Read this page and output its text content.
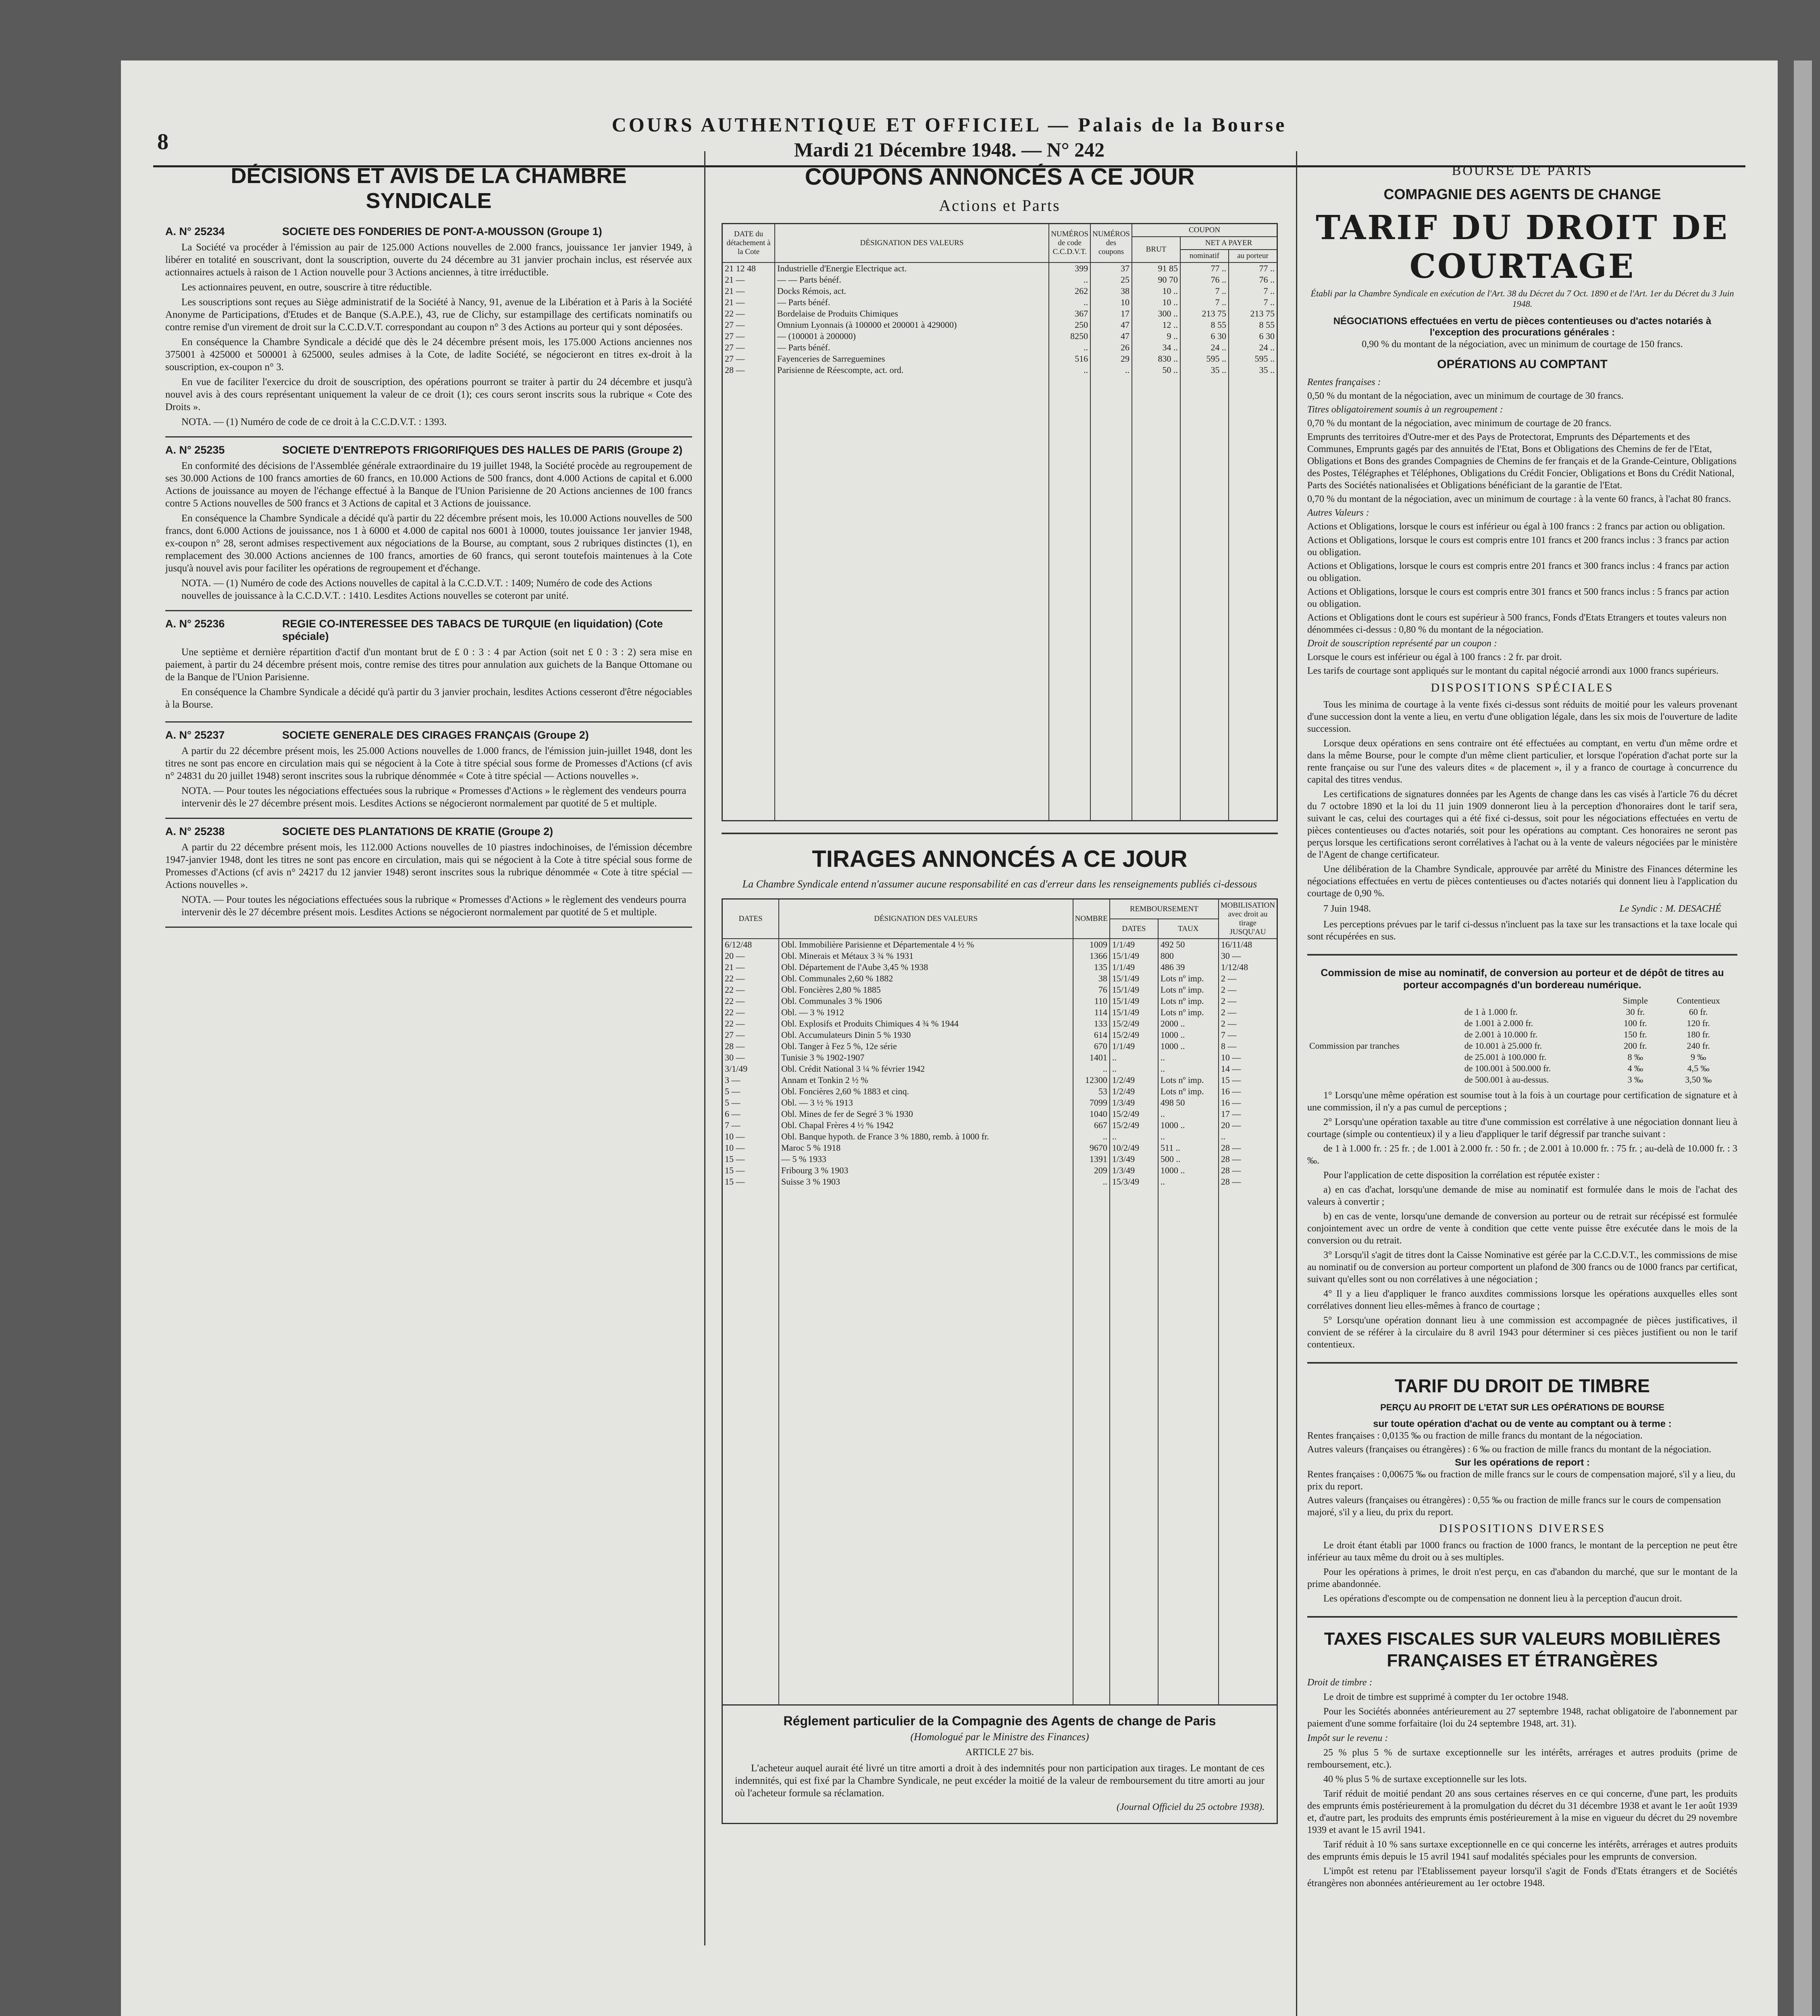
8
COURS AUTHENTIQUE ET OFFICIEL — Palais de la Bourse
Mardi 21 Décembre 1948. — N° 242
DÉCISIONS ET AVIS DE LA CHAMBRE SYNDICALE
A. N° 25234	SOCIETE DES FONDERIES DE PONT-A-MOUSSON (Groupe 1)

La Société va procéder à l'émission au pair de 125.000 Actions nouvelles de 2.000 francs, jouissance 1er janvier 1949, à libérer en totalité en souscrivant, dont la souscription, ouverte du 24 décembre au 31 janvier prochain inclus, est réservée aux actionnaires actuels à raison de 1 Action nouvelle pour 3 Actions anciennes, à titre irréductible.

Les actionnaires peuvent, en outre, souscrire à titre réductible.

Les souscriptions sont reçues au Siège administratif de la Société à Nancy, 91, avenue de la Libération et à Paris à la Société Anonyme de Participations, d'Etudes et de Banque (S.A.P.E.), 43, rue de Clichy, sur estampillage des certificats nominatifs ou contre remise d'un virement de droit sur la C.C.D.V.T. correspondant au coupon n° 3 des Actions au porteur qui y sont déposées.

En conséquence la Chambre Syndicale a décidé que dès le 24 décembre présent mois, les 175.000 Actions anciennes nos 375001 à 425000 et 500001 à 625000, seules admises à la Cote, de ladite Société, se négocieront en titres ex-droit à la souscription, ex-coupon n° 3.

En vue de faciliter l'exercice du droit de souscription, des opérations pourront se traiter à partir du 24 décembre et jusqu'à nouvel avis à des cours représentant uniquement la valeur de ce droit (1); ces cours seront inscrits sous la rubrique « Cote des Droits ».

NOTA. — (1) Numéro de code de ce droit à la C.C.D.V.T. : 1393.
A. N° 25235	SOCIETE D'ENTREPOTS FRIGORIFIQUES DES HALLES DE PARIS (Groupe 2)

En conformité des décisions de l'Assemblée générale extraordinaire du 19 juillet 1948, la Société procède au regroupement de ses 30.000 Actions de 100 francs amorties de 60 francs, en 10.000 Actions de 500 francs, dont 4.000 Actions de capital et 6.000 Actions de jouissance au moyen de l'échange effectué à la Banque de l'Union Parisienne de 20 Actions anciennes de 100 francs contre 5 Actions nouvelles de 500 francs et 3 Actions de capital et 3 Actions de jouissance.

En conséquence la Chambre Syndicale a décidé qu'à partir du 22 décembre présent mois, les 10.000 Actions nouvelles de 500 francs, dont 6.000 Actions de jouissance, nos 1 à 6000 et 4.000 de capital nos 6001 à 10000, toutes jouissance 1er janvier 1948, ex-coupon n° 28, seront admises respectivement aux négociations de la Bourse, au comptant, sous 2 rubriques distinctes (1), en remplacement des 30.000 Actions anciennes de 100 francs, amorties de 60 francs, qui seront toutefois maintenues à la Cote jusqu'à nouvel avis pour faciliter les opérations de regroupement et d'échange.

NOTA. — (1) Numéro de code des Actions nouvelles de capital à la C.C.D.V.T. : 1409; Numéro de code des Actions nouvelles de jouissance à la C.C.D.V.T. : 1410. Lesdites Actions nouvelles se coteront par unité.
A. N° 25236	REGIE CO-INTERESSEE DES TABACS DE TURQUIE (en liquidation) (Cote spéciale)

Une septième et dernière répartition d'actif d'un montant brut de £ 0 : 3 : 4 par Action (soit net £ 0 : 3 : 2) sera mise en paiement, à partir du 24 décembre présent mois, contre remise des titres pour annulation aux guichets de la Banque Ottomane ou de la Banque de l'Union Parisienne.

En conséquence la Chambre Syndicale a décidé qu'à partir du 3 janvier prochain, lesdites Actions cesseront d'être négociables à la Bourse.

A. N° 25237	SOCIETE GENERALE DES CIRAGES FRANÇAIS (Groupe 2)

A partir du 22 décembre présent mois, les 25.000 Actions nouvelles de 1.000 francs, de l'émission juin-juillet 1948, dont les titres ne sont pas encore en circulation mais qui se négocient à la Cote à titre spécial sous forme de Promesses d'Actions (cf avis n° 24831 du 20 juillet 1948) seront inscrites sous la rubrique dénommée « Cote à titre spécial — Actions nouvelles ».

NOTA. — Pour toutes les négociations effectuées sous la rubrique « Promesses d'Actions » le règlement des vendeurs pourra intervenir dès le 27 décembre présent mois. Lesdites Actions se négocieront normalement par quotité de 5 et multiple.
A. N° 25238	SOCIETE DES PLANTATIONS DE KRATIE (Groupe 2)

A partir du 22 décembre présent mois, les 112.000 Actions nouvelles de 10 piastres indochinoises, de l'émission décembre 1947-janvier 1948, dont les titres ne sont pas encore en circulation, mais qui se négocient à la Cote à titre spécial sous forme de Promesses d'Actions (cf avis n° 24217 du 12 janvier 1948) seront inscrites sous la rubrique dénommée « Cote à titre spécial — Actions nouvelles ».

NOTA. — Pour toutes les négociations effectuées sous la rubrique « Promesses d'Actions » le règlement des vendeurs pourra intervenir dès le 27 décembre présent mois. Lesdites Actions se négocieront normalement par quotité de 5 et multiple.
COUPONS ANNONCÉS A CE JOUR
Actions et Parts
DATE du détachement à la Cote	DÉSIGNATION DES VALEURS	NUMÉROS de code C.C.D.V.T.	NUMÉROS des coupons	COUPON		
				BRUT	NET A PAYER	
					nominatif	au porteur
21 12 48	Industrielle d'Energie Electrique act.	399	37	91 85	77 ..	77 ..
21 —	— — Parts bénéf.	..	25	90 70	76 ..	76 ..
21 —	Docks Rémois, act.	262	38	10 ..	7 ..	7 ..
21 —	— Parts bénéf.	..	10	10 ..	7 ..	7 ..
22 —	Bordelaise de Produits Chimiques	367	17	300 ..	213 75	213 75
27 —	Omnium Lyonnais (à 100000 et 200001 à 429000)	250	47	12 ..	8 55	8 55
27 —	— (100001 à 200000)	8250	47	9 ..	6 30	6 30
27 —	— Parts bénéf.	..	26	34 ..	24 ..	24 ..
27 —	Fayenceries de Sarreguemines	516	29	830 ..	595 ..	595 ..
28 —	Parisienne de Réescompte, act. ord.	..	..	50 ..	35 ..	35 ..

TIRAGES ANNONCÉS A CE JOUR
La Chambre Syndicale entend n'assumer aucune responsabilité en cas d'erreur dans les renseignements publiés ci-dessous
DATES	DÉSIGNATION DES VALEURS	NOMBRE	REMBOURSEMENT		MOBILISATION avec droit au tirage JUSQU'AU
			DATES	TAUX	
6/12/48	Obl. Immobilière Parisienne et Départementale 4 ½ %	1009	1/1/49	492 50	16/11/48
20 —	Obl. Minerais et Métaux 3 ¾ % 1931	1366	15/1/49	800	30 —
21 —	Obl. Département de l'Aube 3,45 % 1938	135	1/1/49	486 39	1/12/48
22 —	Obl. Communales 2,60 % 1882	38	15/1/49	Lots nº imp.	2 —
22 —	Obl. Foncières 2,80 % 1885	76	15/1/49	Lots nº imp.	2 —
22 —	Obl. Communales 3 % 1906	110	15/1/49	Lots nº imp.	2 —
22 —	Obl. — 3 % 1912	114	15/1/49	Lots nº imp.	2 —
22 —	Obl. Explosifs et Produits Chimiques 4 ¾ % 1944	133	15/2/49	2000 ..	2 —
27 —	Obl. Accumulateurs Dinin 5 % 1930	614	15/2/49	1000 ..	7 —
28 —	Obl. Tanger à Fez 5 %, 12e série	670	1/1/49	1000 ..	8 —
30 —	Tunisie 3 % 1902-1907	1401	..	..	10 —
3/1/49	Obl. Crédit National 3 ¼ % février 1942	..	..	..	14 —
3 —	Annam et Tonkin 2 ½ %	12300	1/2/49	Lots nº imp.	15 —
5 —	Obl. Foncières 2,60 % 1883 et cinq.	53	1/2/49	Lots nº imp.	16 —
5 —	Obl. — 3 ½ % 1913	7099	1/3/49	498 50	16 —
6 —	Obl. Mines de fer de Segré 3 % 1930	1040	15/2/49	..	17 —
7 —	Obl. Chapal Frères 4 ½ % 1942	667	15/2/49	1000 ..	20 —
10 —	Obl. Banque hypoth. de France 3 % 1880, remb. à 1000 fr.	..	..	..	..
10 —	Maroc 5 % 1918	9670	10/2/49	511 ..	28 —
15 —	— 5 % 1933	1391	1/3/49	500 ..	28 —
15 —	Fribourg 3 % 1903	209	1/3/49	1000 ..	28 —
15 —	Suisse 3 % 1903	..	15/3/49	..	28 —

Réglement particulier de la Compagnie des Agents de change de Paris
(Homologué par le Ministre des Finances)
ARTICLE 27 bis.

L'acheteur auquel aurait été livré un titre amorti a droit à des indemnités pour non participation aux tirages. Le montant de ces indemnités, qui est fixé par la Chambre Syndicale, ne peut excéder la moitié de la valeur de remboursement du titre amorti au jour où l'acheteur formule sa réclamation.

(Journal Officiel du 25 octobre 1938).
BOURSE DE PARIS
COMPAGNIE DES AGENTS DE CHANGE
TARIF DU DROIT DE COURTAGE
Établi par la Chambre Syndicale en exécution de l'Art. 38 du Décret du 7 Oct. 1890 et de l'Art. 1er du Décret du 3 Juin 1948.
NÉGOCIATIONS effectuées en vertu de pièces contentieuses ou d'actes notariés à l'exception des procurations générales :
0,90 % du montant de la négociation, avec un minimum de courtage de 150 francs.
OPÉRATIONS AU COMPTANT
Rentes françaises :
0,50 % du montant de la négociation, avec un minimum de courtage de 30 francs.
Titres obligatoirement soumis à un regroupement :
0,70 % du montant de la négociation, avec minimum de courtage de 20 francs.
Emprunts des territoires d'Outre-mer et des Pays de Protectorat, Emprunts des Départements et des Communes, Emprunts gagés par des annuités de l'Etat, Bons et Obligations des Chemins de fer de l'Etat, Obligations et Bons des grandes Compagnies de Chemins de fer français et de la Grande-Ceinture, Obligations des Postes, Télégraphes et Téléphones, Obligations du Crédit Foncier, Obligations et Bons du Crédit National, Parts des Sociétés nationalisées et Obligations bénéficiant de la garantie de l'Etat.
0,70 % du montant de la négociation, avec un minimum de courtage : à la vente 60 francs, à l'achat 80 francs.
Autres Valeurs :
Actions et Obligations, lorsque le cours est inférieur ou égal à 100 francs : 2 francs par action ou obligation.
Actions et Obligations, lorsque le cours est compris entre 101 francs et 200 francs inclus : 3 francs par action ou obligation.
Actions et Obligations, lorsque le cours est compris entre 201 francs et 300 francs inclus : 4 francs par action ou obligation.
Actions et Obligations, lorsque le cours est compris entre 301 francs et 500 francs inclus : 5 francs par action ou obligation.
Actions et Obligations dont le cours est supérieur à 500 francs, Fonds d'Etats Etrangers et toutes valeurs non dénommées ci-dessus : 0,80 % du montant de la négociation.
Droit de souscription représenté par un coupon :
Lorsque le cours est inférieur ou égal à 100 francs : 2 fr. par droit.
Les tarifs de courtage sont appliqués sur le montant du capital négocié arrondi aux 1000 francs supérieurs.
DISPOSITIONS SPÉCIALES

Tous les minima de courtage à la vente fixés ci-dessus sont réduits de moitié pour les valeurs provenant d'une succession dont la vente a lieu, en vertu d'une obligation légale, dans les six mois de l'ouverture de ladite succession.

Lorsque deux opérations en sens contraire ont été effectuées au comptant, en vertu d'un même ordre et dans la même Bourse, pour le compte d'un même client particulier, et lorsque l'opération d'achat porte sur la rente française ou sur l'une des valeurs dites « de placement », il y a franco de courtage à concurrence du capital des titres vendus.

Les certifications de signatures données par les Agents de change dans les cas visés à l'article 76 du décret du 7 octobre 1890 et la loi du 11 juin 1909 donneront lieu à la perception d'honoraires dont le tarif sera, suivant le cas, celui des courtages qui a été fixé ci-dessus, soit pour les négociations effectuées en vertu de pièces contentieuses ou d'actes notariés, soit pour les opérations au comptant. Ces honoraires ne seront pas perçus lorsque les certifications seront corrélatives à l'achat ou à la vente de valeurs négociées par le ministère de l'Agent de change certificateur.

Une délibération de la Chambre Syndicale, approuvée par arrêté du Ministre des Finances détermine les négociations effectuées en vertu de pièces contentieuses ou d'actes notariés qui donnent lieu à l'application du courtage de 0,90 %.

7 Juin 1948.	Le Syndic : M. DESACHÉ

Les perceptions prévues par le tarif ci-dessus n'incluent pas la taxe sur les transactions et la taxe locale qui sont récupérées en sus.

Commission de mise au nominatif, de conversion au porteur et de dépôt de titres au porteur accompagnés d'un bordereau numérique.
		Simple	Contentieux
	de 1 à 1.000 fr.	30 fr.	60 fr.
	de 1.001 à 2.000 fr.	100 fr.	120 fr.
	de 2.001 à 10.000 fr.	150 fr.	180 fr.
Commission par tranches	de 10.001 à 25.000 fr.	200 fr.	240 fr.
	de 25.001 à 100.000 fr.	8 ‰	9 ‰
	de 100.001 à 500.000 fr.	4 ‰	4,5 ‰
	de 500.001 à au-dessus.	3 ‰	3,50 ‰

1° Lorsqu'une même opération est soumise tout à la fois à un courtage pour certification de signature et à une commission, il n'y a pas cumul de perceptions ;

2° Lorsqu'une opération taxable au titre d'une commission est corrélative à une négociation donnant lieu à courtage (simple ou contentieux) il y a lieu d'appliquer le tarif dégressif par tranche suivant :

de 1 à 1.000 fr. : 25 fr. ; de 1.001 à 2.000 fr. : 50 fr. ; de 2.001 à 10.000 fr. : 75 fr. ; au-delà de 10.000 fr. : 3 ‰.

Pour l'application de cette disposition la corrélation est réputée exister :

a) en cas d'achat, lorsqu'une demande de mise au nominatif est formulée dans le mois de l'achat des valeurs à convertir ;

b) en cas de vente, lorsqu'une demande de conversion au porteur ou de retrait sur récépissé est formulée conjointement avec un ordre de vente à condition que cette vente puisse être exécutée dans le mois de la conversion ou du retrait.

3° Lorsqu'il s'agit de titres dont la Caisse Nominative est gérée par la C.C.D.V.T., les commissions de mise au nominatif ou de conversion au porteur comportent un plafond de 300 francs ou de 1000 francs par certificat, suivant qu'elles sont ou non corrélatives à une négociation ;

4° Il y a lieu d'appliquer le franco auxdites commissions lorsque les opérations auxquelles elles sont corrélatives donnent lieu elles-mêmes à franco de courtage ;

5° Lorsqu'une opération donnant lieu à une commission est accompagnée de pièces justificatives, il convient de se référer à la circulaire du 8 avril 1943 pour déterminer si ces pièces justifient ou non le tarif contentieux.

TARIF DU DROIT DE TIMBRE
PERÇU AU PROFIT DE L'ETAT SUR LES OPÉRATIONS DE BOURSE
sur toute opération d'achat ou de vente au comptant ou à terme :
Rentes françaises : 0,0135 ‰ ou fraction de mille francs du montant de la négociation.
Autres valeurs (françaises ou étrangères) : 6 ‰ ou fraction de mille francs du montant de la négociation.
Sur les opérations de report :
Rentes françaises : 0,00675 ‰ ou fraction de mille francs sur le cours de compensation majoré, s'il y a lieu, du prix du report.
Autres valeurs (françaises ou étrangères) : 0,55 ‰ ou fraction de mille francs sur le cours de compensation majoré, s'il y a lieu, du prix du report.
DISPOSITIONS DIVERSES

Le droit étant établi par 1000 francs ou fraction de 1000 francs, le montant de la perception ne peut être inférieur au taux même du droit ou à ses multiples.

Pour les opérations à primes, le droit n'est perçu, en cas d'abandon du marché, que sur le montant de la prime abandonnée.

Les opérations d'escompte ou de compensation ne donnent lieu à la perception d'aucun droit.

TAXES FISCALES SUR VALEURS MOBILIÈRES
FRANÇAISES ET ÉTRANGÈRES

Droit de timbre :

Le droit de timbre est supprimé à compter du 1er octobre 1948.

Pour les Sociétés abonnées antérieurement au 27 septembre 1948, rachat obligatoire de l'abonnement par paiement d'une somme forfaitaire (loi du 24 septembre 1948, art. 31).

Impôt sur le revenu :

25 % plus 5 % de surtaxe exceptionnelle sur les intérêts, arrérages et autres produits (prime de remboursement, etc.).

40 % plus 5 % de surtaxe exceptionnelle sur les lots.

Tarif réduit de moitié pendant 20 ans sous certaines réserves en ce qui concerne, d'une part, les produits des emprunts émis postérieurement à la promulgation du décret du 31 décembre 1938 et avant le 1er août 1939 et, d'autre part, les produits des emprunts émis postérieurement à la mise en vigueur du décret du 29 novembre 1939 et avant le 15 avril 1941.

Tarif réduit à 10 % sans surtaxe exceptionnelle en ce qui concerne les intérêts, arrérages et autres produits des emprunts émis depuis le 15 avril 1941 sauf modalités spéciales pour les emprunts de conversion.

L'impôt est retenu par l'Etablissement payeur lorsqu'il s'agit de Fonds d'Etats étrangers et de Sociétés étrangères non abonnées antérieurement au 1er octobre 1948.
